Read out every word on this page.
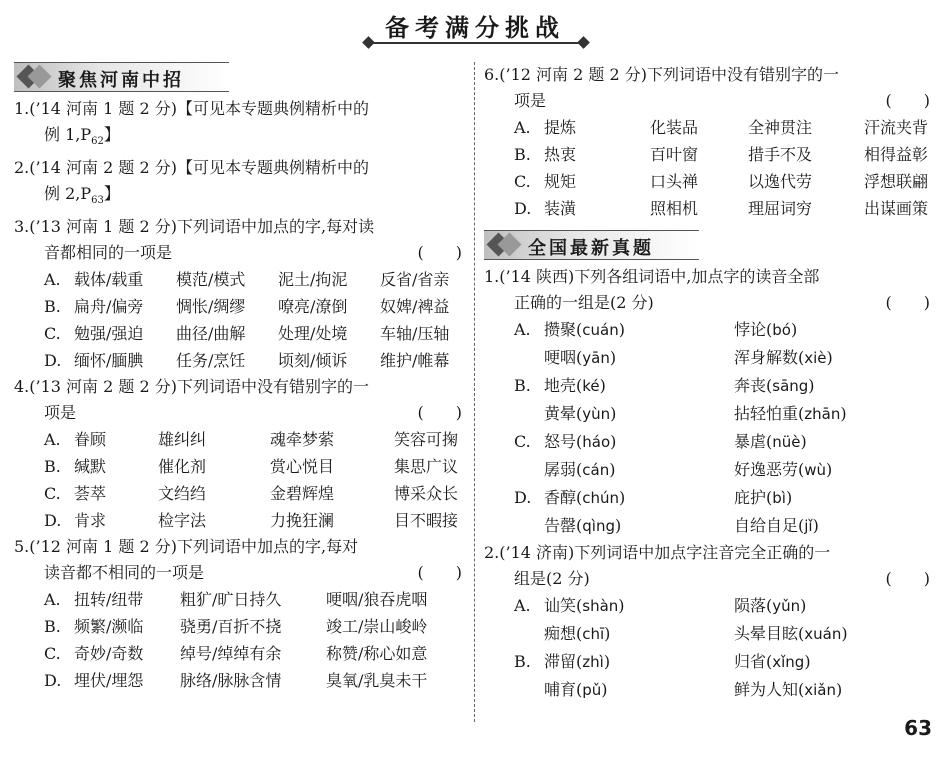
备考满分挑战
聚焦河南中招
1.(’14 河南 1 题 2 分)【可见本专题典例精析中的
例 $1,P_{62}$】
2.(’14 河南 2 题 2 分)【可见本专题典例精析中的
例 $2,P_{63}$】
3.(’13 河南 1 题 2 分)下列词语中加点的字,每对读
音都相同的一项是	(　　)
A. 载体/载重	模范/模式	泥土/拘泥	反省/省亲
B. 扁舟/偏旁	惆怅/绸缪	嘹亮/潦倒	奴婢/裨益
C. 勉强/强迫	曲径/曲解	处理/处境	车轴/压轴
D. 缅怀/腼腆	任务/烹饪	顷刻/倾诉	维护/帷幕
4.(’13 河南 2 题 2 分)下列词语中没有错别字的一
项是	(　　)
A. 眷顾	雄纠纠	魂牵梦萦	笑容可掬
B. 缄默	催化剂	赏心悦目	集思广议
C. 荟萃	文绉绉	金碧辉煌	博采众长
D. 肯求	检字法	力挽狂澜	目不暇接
5.(’12 河南 1 题 2 分)下列词语中加点的字,每对
读音都不相同的一项是	(　　)
A. 扭转/纽带	粗犷/旷日持久	哽咽/狼吞虎咽
B. 频繁/濒临	骁勇/百折不挠	竣工/崇山峻岭
C. 奇妙/奇数	绰号/绰绰有余	称赞/称心如意
D. 埋伏/埋怨	脉络/脉脉含情	臭氧/乳臭未干
6.(’12 河南 2 题 2 分)下列词语中没有错别字的一
项是	(　　)
A. 提炼	化装品	全神贯注	汗流夹背
B. 热衷	百叶窗	措手不及	相得益彰
C. 规矩	口头禅	以逸代劳	浮想联翩
D. 装潢	照相机	理屈词穷	出谋画策
全国最新真题
1.(’14 陕西)下列各组词语中,加点字的读音全部
正确的一组是(2 分)	(　　)
A. 攒聚(cuán)	悖论(bó)
哽咽(yān)	浑身解数(xiè)
B. 地壳(ké)	奔丧(sāng)
黄晕(yùn)	拈轻怕重(zhān)
C. 怒号(háo)	暴虐(nüè)
孱弱(cán)	好逸恶劳(wù)
D. 香醇(chún)	庇护(bì)
告罄(qìng)	自给自足(jǐ)
2.(’14 济南)下列词语中加点字注音完全正确的一
组是(2 分)	(　　)
A. 讪笑(shàn)	陨落(yǔn)
痴想(chī)	头晕目眩(xuán)
B. 滞留(zhì)	归省(xǐng)
哺育(pǔ)	鲜为人知(xiǎn)
63
